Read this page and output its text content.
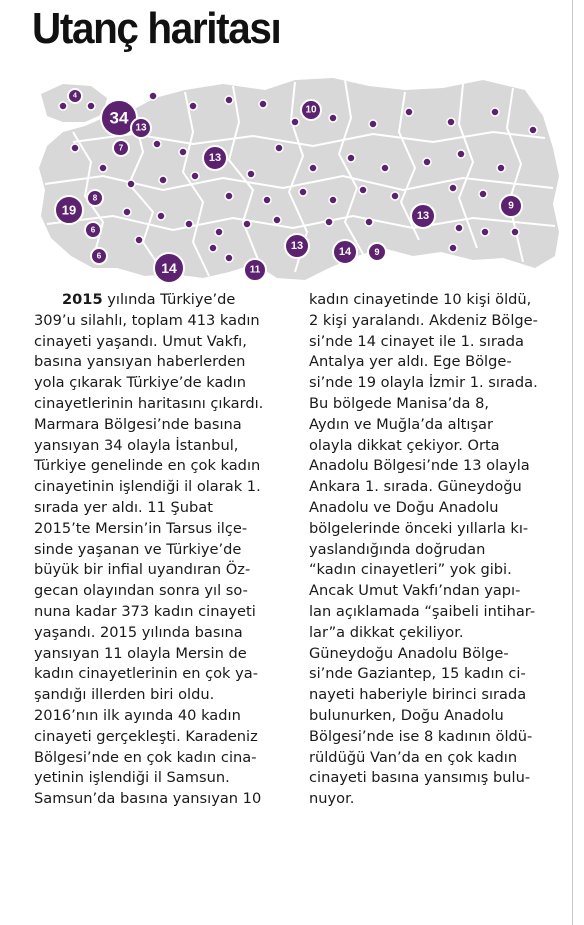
Utanç haritası
4
34
13
7
19
8
6
6
14	11
13
10
13
13
14	9
9
2015 yılında Türkiye’de
309’u silahlı, toplam 413 kadın
cinayeti yaşandı. Umut Vakfı,
basına yansıyan haberlerden
yola çıkarak Türkiye’de kadın
cinayetlerinin haritasını çıkardı.
Marmara Bölgesi’nde basına
yansıyan 34 olayla İstanbul,
Türkiye genelinde en çok kadın
cinayetinin işlendiği il olarak 1.
sırada yer aldı. 11 Şubat
2015’te Mersin’in Tarsus ilçe-
sinde yaşanan ve Türkiye’de
büyük bir infial uyandıran Öz-
gecan olayından sonra yıl so-
nuna kadar 373 kadın cinayeti
yaşandı. 2015 yılında basına
yansıyan 11 olayla Mersin de
kadın cinayetlerinin en çok ya-
şandığı illerden biri oldu.
2016’nın ilk ayında 40 kadın
cinayeti gerçekleşti. Karadeniz
Bölgesi’nde en çok kadın cina-
yetinin işlendiği il Samsun.
Samsun’da basına yansıyan 10
kadın cinayetinde 10 kişi öldü,
2 kişi yaralandı. Akdeniz Bölge-
si’nde 14 cinayet ile 1. sırada
Antalya yer aldı. Ege Bölge-
si’nde 19 olayla İzmir 1. sırada.
Bu bölgede Manisa’da 8,
Aydın ve Muğla’da altışar
olayla dikkat çekiyor. Orta
Anadolu Bölgesi’nde 13 olayla
Ankara 1. sırada. Güneydoğu
Anadolu ve Doğu Anadolu
bölgelerinde önceki yıllarla kı-
yaslandığında doğrudan
“kadın cinayetleri” yok gibi.
Ancak Umut Vakfı’ndan yapı-
lan açıklamada “şaibeli intihar-
lar”a dikkat çekiliyor.
Güneydoğu Anadolu Bölge-
si’nde Gaziantep, 15 kadın ci-
nayeti haberiyle birinci sırada
bulunurken, Doğu Anadolu
Bölgesi’nde ise 8 kadının öldü-
rüldüğü Van’da en çok kadın
cinayeti basına yansımış bulu-
nuyor.
